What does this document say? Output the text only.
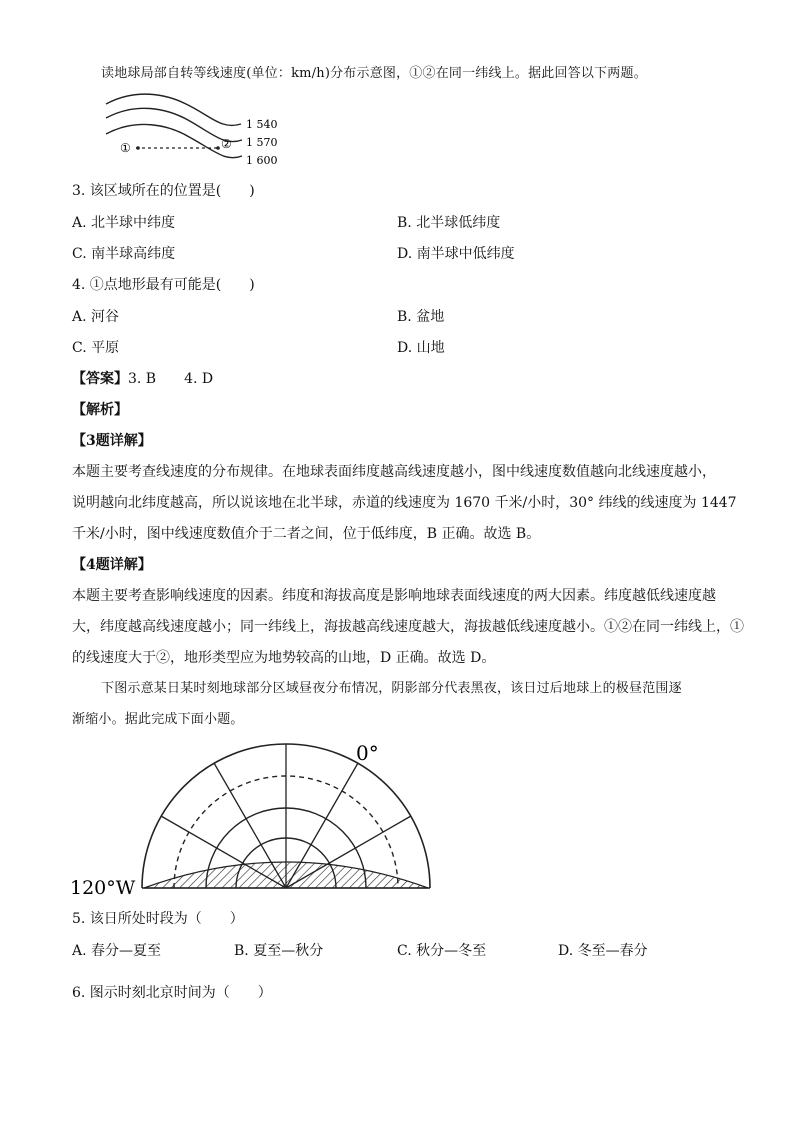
读地球局部自转等线速度(单位：km/h)分布示意图，①②在同一纬线上。据此回答以下两题。
①	②
1 540
1 570
1 600
3. 该区域所在的位置是(　　)
A. 北半球中纬度	B. 北半球低纬度
C. 南半球高纬度	D. 南半球中低纬度
4. ①点地形最有可能是(　　)
A. 河谷	B. 盆地
C. 平原	D. 山地
【答案】3. B　　4. D
【解析】
【3题详解】
本题主要考查线速度的分布规律。在地球表面纬度越高线速度越小，图中线速度数值越向北线速度越小，
说明越向北纬度越高，所以说该地在北半球，赤道的线速度为 1670 千米/小时，30° 纬线的线速度为 1447
千米/小时，图中线速度数值介于二者之间，位于低纬度，B 正确。故选 B。
【4题详解】
本题主要考查影响线速度的因素。纬度和海拔高度是影响地球表面线速度的两大因素。纬度越低线速度越
大，纬度越高线速度越小；同一纬线上，海拔越高线速度越大，海拔越低线速度越小。①②在同一纬线上，①
的线速度大于②，地形类型应为地势较高的山地，D 正确。故选 D。
下图示意某日某时刻地球部分区域昼夜分布情况，阴影部分代表黑夜，该日过后地球上的极昼范围逐
渐缩小。据此完成下面小题。
0°
120°W
5. 该日所处时段为（　　）
A. 春分—夏至	B. 夏至—秋分	C. 秋分—冬至	D. 冬至—春分
6. 图示时刻北京时间为（　　）
